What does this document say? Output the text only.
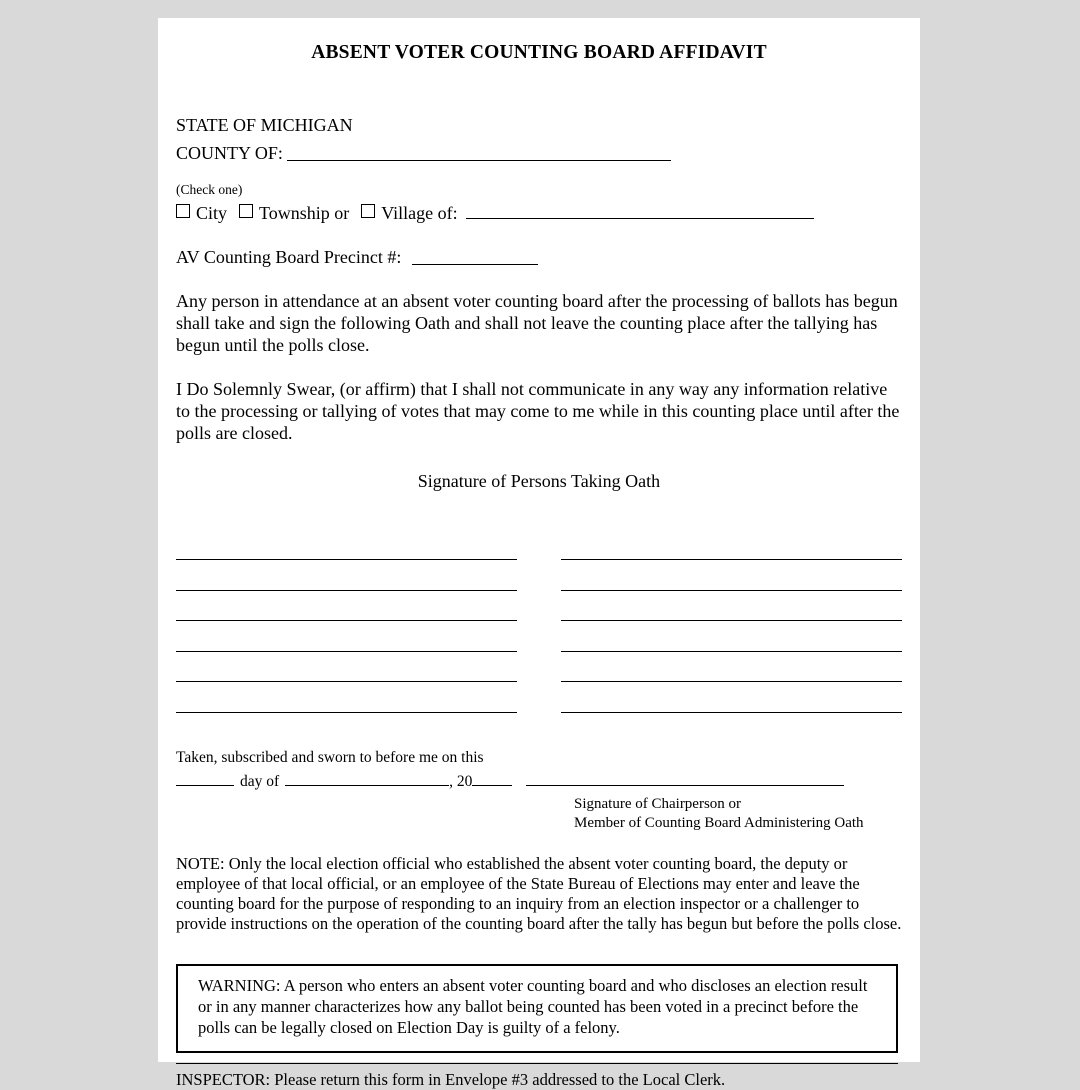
ABSENT VOTER COUNTING BOARD AFFIDAVIT
STATE OF MICHIGAN
COUNTY OF:
(Check one)
City Township or Village of:
AV Counting Board Precinct #:
Any person in attendance at an absent voter counting board after the processing of ballots has begun shall take and sign the following Oath and shall not leave the counting place after the tallying has begun until the polls close.
I Do Solemnly Swear, (or affirm) that I shall not communicate in any way any information relative to the processing or tallying of votes that may come to me while in this counting place until after the polls are closed.
Signature of Persons Taking Oath
Taken, subscribed and sworn to before me on this
day of	, 20
Signature of Chairperson or
Member of Counting Board Administering Oath
NOTE: Only the local election official who established the absent voter counting board, the deputy or employee of that local official, or an employee of the State Bureau of Elections may enter and leave the counting board for the purpose of responding to an inquiry from an election inspector or a challenger to provide instructions on the operation of the counting board after the tally has begun but before the polls close.
WARNING: A person who enters an absent voter counting board and who discloses an election result or in any manner characterizes how any ballot being counted has been voted in a precinct before the polls can be legally closed on Election Day is guilty of a felony.
INSPECTOR: Please return this form in Envelope #3 addressed to the Local Clerk.
